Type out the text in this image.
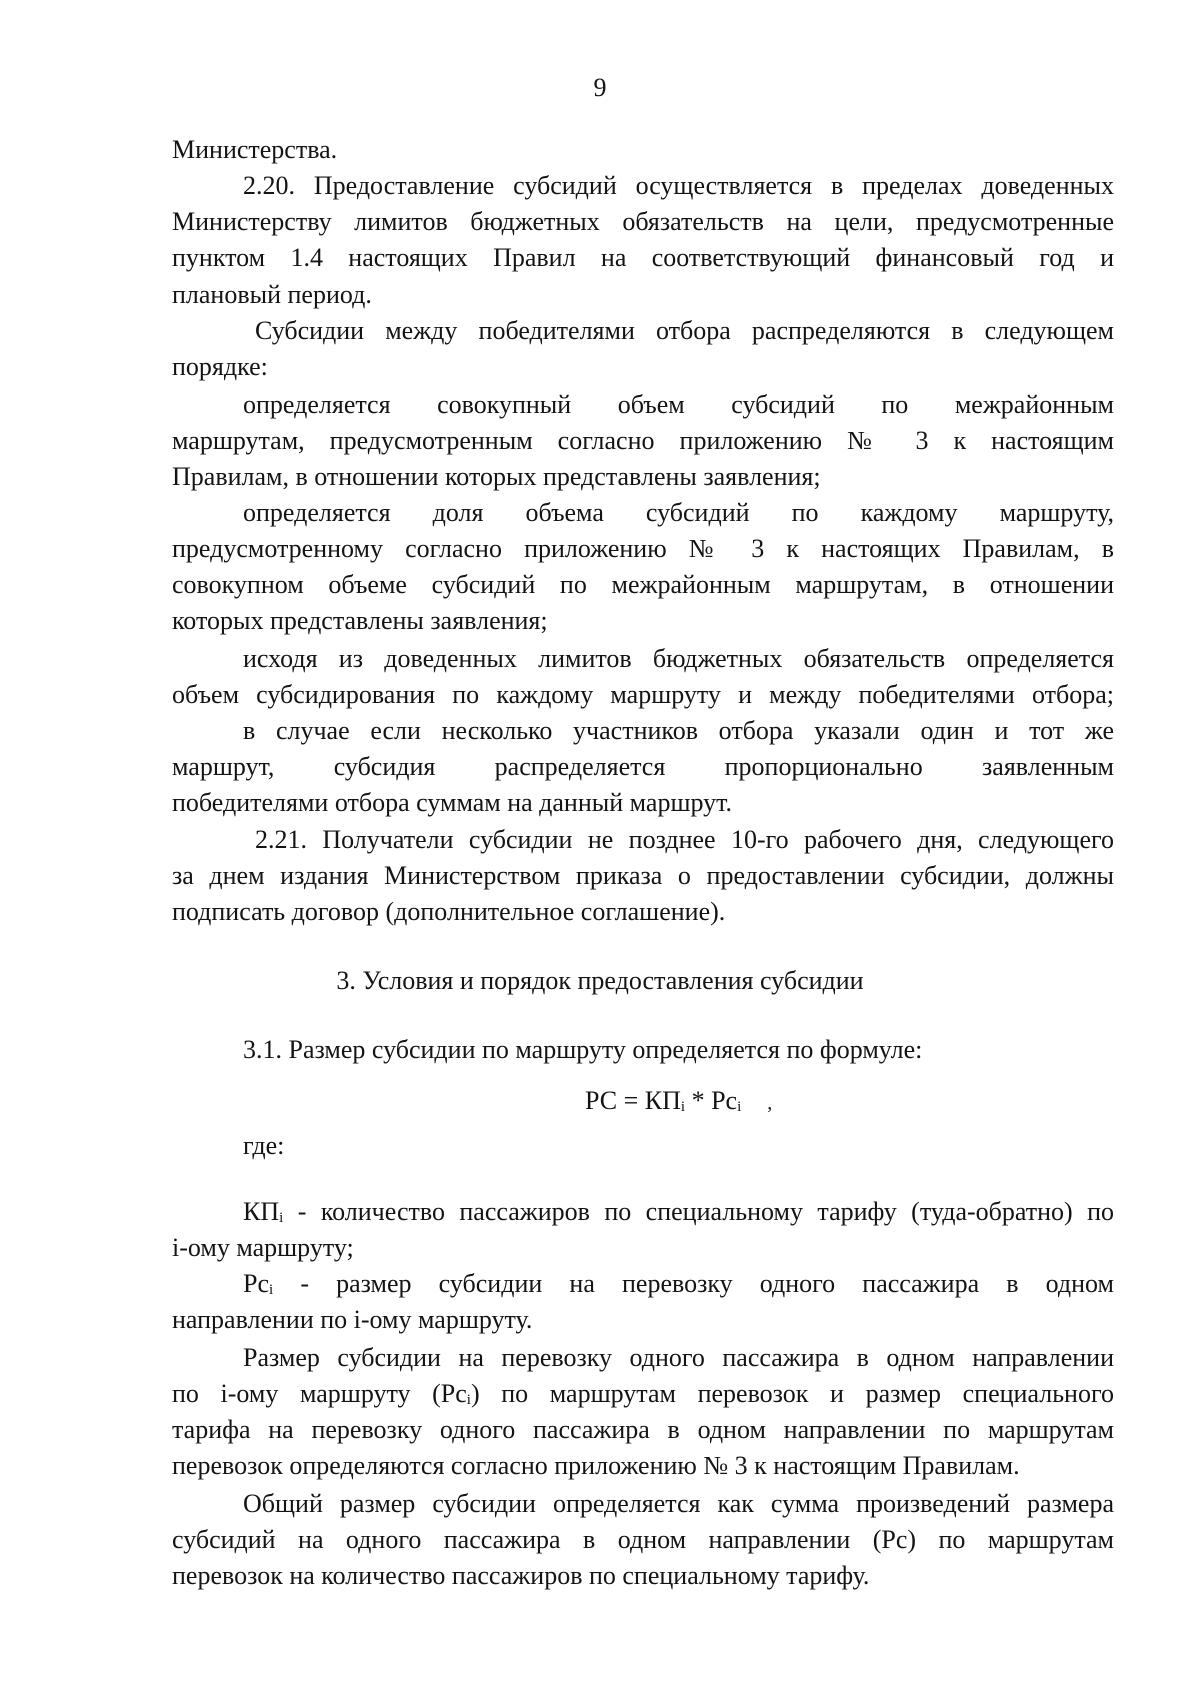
9
Министерства.
2.20. Предоставление субсидий осуществляется в пределах доведенных
Министерству лимитов бюджетных обязательств на цели, предусмотренные
пунктом 1.4 настоящих Правил на соответствующий финансовый год и
плановый период.
Субсидии между победителями отбора распределяются в следующем
порядке:
определяется совокупный объем субсидий по межрайонным
маршрутам, предусмотренным согласно приложению № 3 к настоящим
Правилам, в отношении которых представлены заявления;
определяется доля объема субсидий по каждому маршруту,
предусмотренному согласно приложению № 3 к настоящих Правилам, в
совокупном объеме субсидий по межрайонным маршрутам, в отношении
которых представлены заявления;
исходя из доведенных лимитов бюджетных обязательств определяется
объем субсидирования по каждому маршруту и между победителями отбора;
в случае если несколько участников отбора указали один и тот же
маршрут, субсидия распределяется пропорционально заявленным
победителями отбора суммам на данный маршрут.
2.21. Получатели субсидии не позднее 10-го рабочего дня, следующего
за днем издания Министерством приказа о предоставлении субсидии, должны
подписать договор (дополнительное соглашение).
3. Условия и порядок предоставления субсидии
3.1. Размер субсидии по маршруту определяется по формуле:
РС = $КП_i * Рс_i$ ,
где:
$КП_i$ - количество пассажиров по специальному тарифу (туда-обратно) по
i-ому маршруту;
$Рс_i$ - размер субсидии на перевозку одного пассажира в одном
направлении по i-ому маршруту.
Размер субсидии на перевозку одного пассажира в одном направлении
по i-ому маршруту $(Рс_i)$ по маршрутам перевозок и размер специального
тарифа на перевозку одного пассажира в одном направлении по маршрутам
перевозок определяются согласно приложению № 3 к настоящим Правилам.
Общий размер субсидии определяется как сумма произведений размера
субсидий на одного пассажира в одном направлении (Рс) по маршрутам
перевозок на количество пассажиров по специальному тарифу.
